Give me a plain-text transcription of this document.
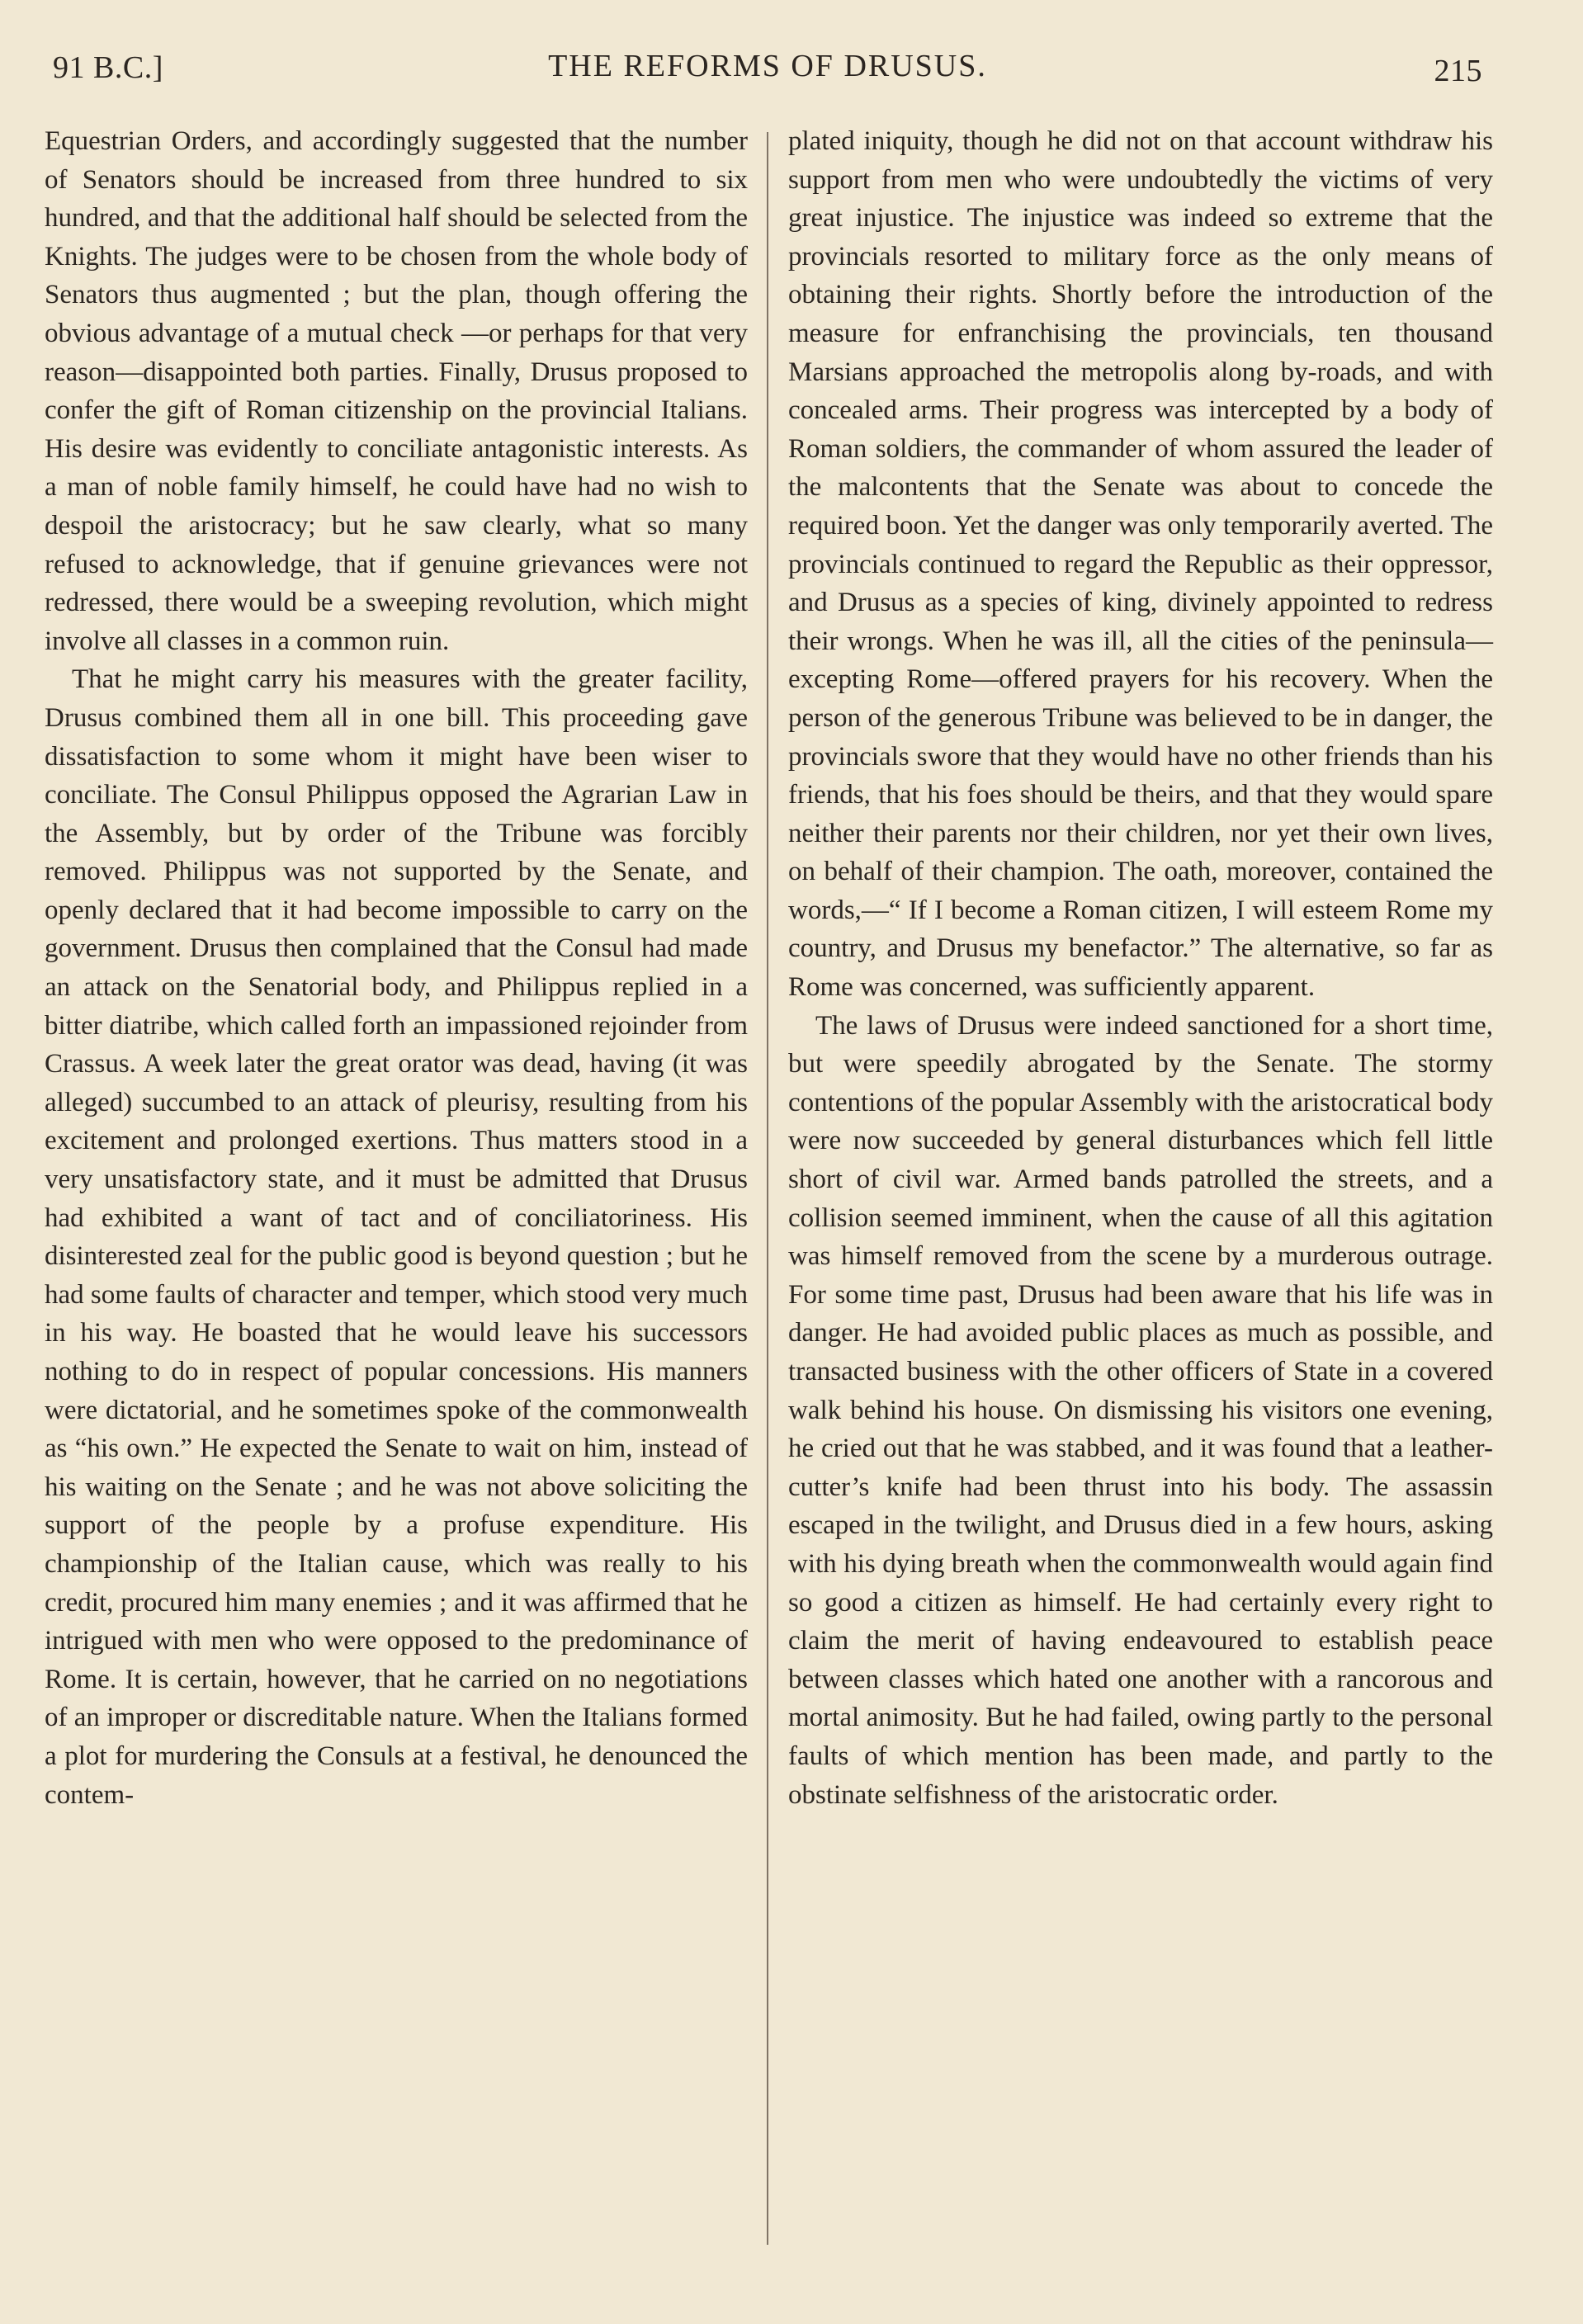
91 B.C.]	THE REFORMS OF DRUSUS.	215

Equestrian Orders, and accordingly suggested that the number of Senators should be increased from three hundred to six hundred, and that the additional half should be selected from the Knights. The judges were to be chosen from the whole body of Senators thus augmented ; but the plan, though offering the obvious advantage of a mutual check —or perhaps for that very reason—disappointed both parties. Finally, Drusus proposed to confer the gift of Roman citizenship on the provincial Italians. His desire was evidently to conciliate antagonistic interests. As a man of noble family himself, he could have had no wish to despoil the aristocracy; but he saw clearly, what so many refused to acknowledge, that if genuine grievances were not redressed, there would be a sweeping revolution, which might involve all classes in a common ruin.

That he might carry his measures with the greater facility, Drusus combined them all in one bill. This proceeding gave dissatisfaction to some whom it might have been wiser to conciliate. The Consul Philippus opposed the Agrarian Law in the Assembly, but by order of the Tribune was forcibly removed. Philippus was not supported by the Senate, and openly declared that it had become impossible to carry on the government. Drusus then complained that the Consul had made an attack on the Senatorial body, and Philippus replied in a bitter diatribe, which called forth an impassioned rejoinder from Crassus. A week later the great orator was dead, having (it was alleged) succumbed to an attack of pleurisy, resulting from his excitement and prolonged exertions. Thus matters stood in a very unsatisfactory state, and it must be admitted that Drusus had exhibited a want of tact and of conciliatoriness. His disinterested zeal for the public good is beyond question ; but he had some faults of character and temper, which stood very much in his way. He boasted that he would leave his successors nothing to do in respect of popular concessions. His manners were dictatorial, and he sometimes spoke of the commonwealth as “his own.” He expected the Senate to wait on him, instead of his waiting on the Senate ; and he was not above soliciting the support of the people by a profuse expenditure. His championship of the Italian cause, which was really to his credit, procured him many enemies ; and it was affirmed that he intrigued with men who were opposed to the predominance of Rome. It is certain, however, that he carried on no negotiations of an improper or discreditable nature. When the Italians formed a plot for murdering the Consuls at a festival, he denounced the contem-

plated iniquity, though he did not on that account withdraw his support from men who were undoubtedly the victims of very great injustice. The injustice was indeed so extreme that the provincials resorted to military force as the only means of obtaining their rights. Shortly before the introduction of the measure for enfranchising the provincials, ten thousand Marsians approached the metropolis along by-roads, and with concealed arms. Their progress was intercepted by a body of Roman soldiers, the commander of whom assured the leader of the malcontents that the Senate was about to concede the required boon. Yet the danger was only temporarily averted. The provincials continued to regard the Republic as their oppressor, and Drusus as a species of king, divinely appointed to redress their wrongs. When he was ill, all the cities of the peninsula—excepting Rome—offered prayers for his recovery. When the person of the generous Tribune was believed to be in danger, the provincials swore that they would have no other friends than his friends, that his foes should be theirs, and that they would spare neither their parents nor their children, nor yet their own lives, on behalf of their champion. The oath, moreover, contained the words,—“ If I become a Roman citizen, I will esteem Rome my country, and Drusus my benefactor.” The alternative, so far as Rome was concerned, was sufficiently apparent.

The laws of Drusus were indeed sanctioned for a short time, but were speedily abrogated by the Senate. The stormy contentions of the popular Assembly with the aristocratical body were now succeeded by general disturbances which fell little short of civil war. Armed bands patrolled the streets, and a collision seemed imminent, when the cause of all this agitation was himself removed from the scene by a murderous outrage. For some time past, Drusus had been aware that his life was in danger. He had avoided public places as much as possible, and transacted business with the other officers of State in a covered walk behind his house. On dismissing his visitors one evening, he cried out that he was stabbed, and it was found that a leather-cutter’s knife had been thrust into his body. The assassin escaped in the twilight, and Drusus died in a few hours, asking with his dying breath when the commonwealth would again find so good a citizen as himself. He had certainly every right to claim the merit of having endeavoured to establish peace between classes which hated one another with a rancorous and mortal animosity. But he had failed, owing partly to the personal faults of which mention has been made, and partly to the obstinate selfishness of the aristocratic order.
